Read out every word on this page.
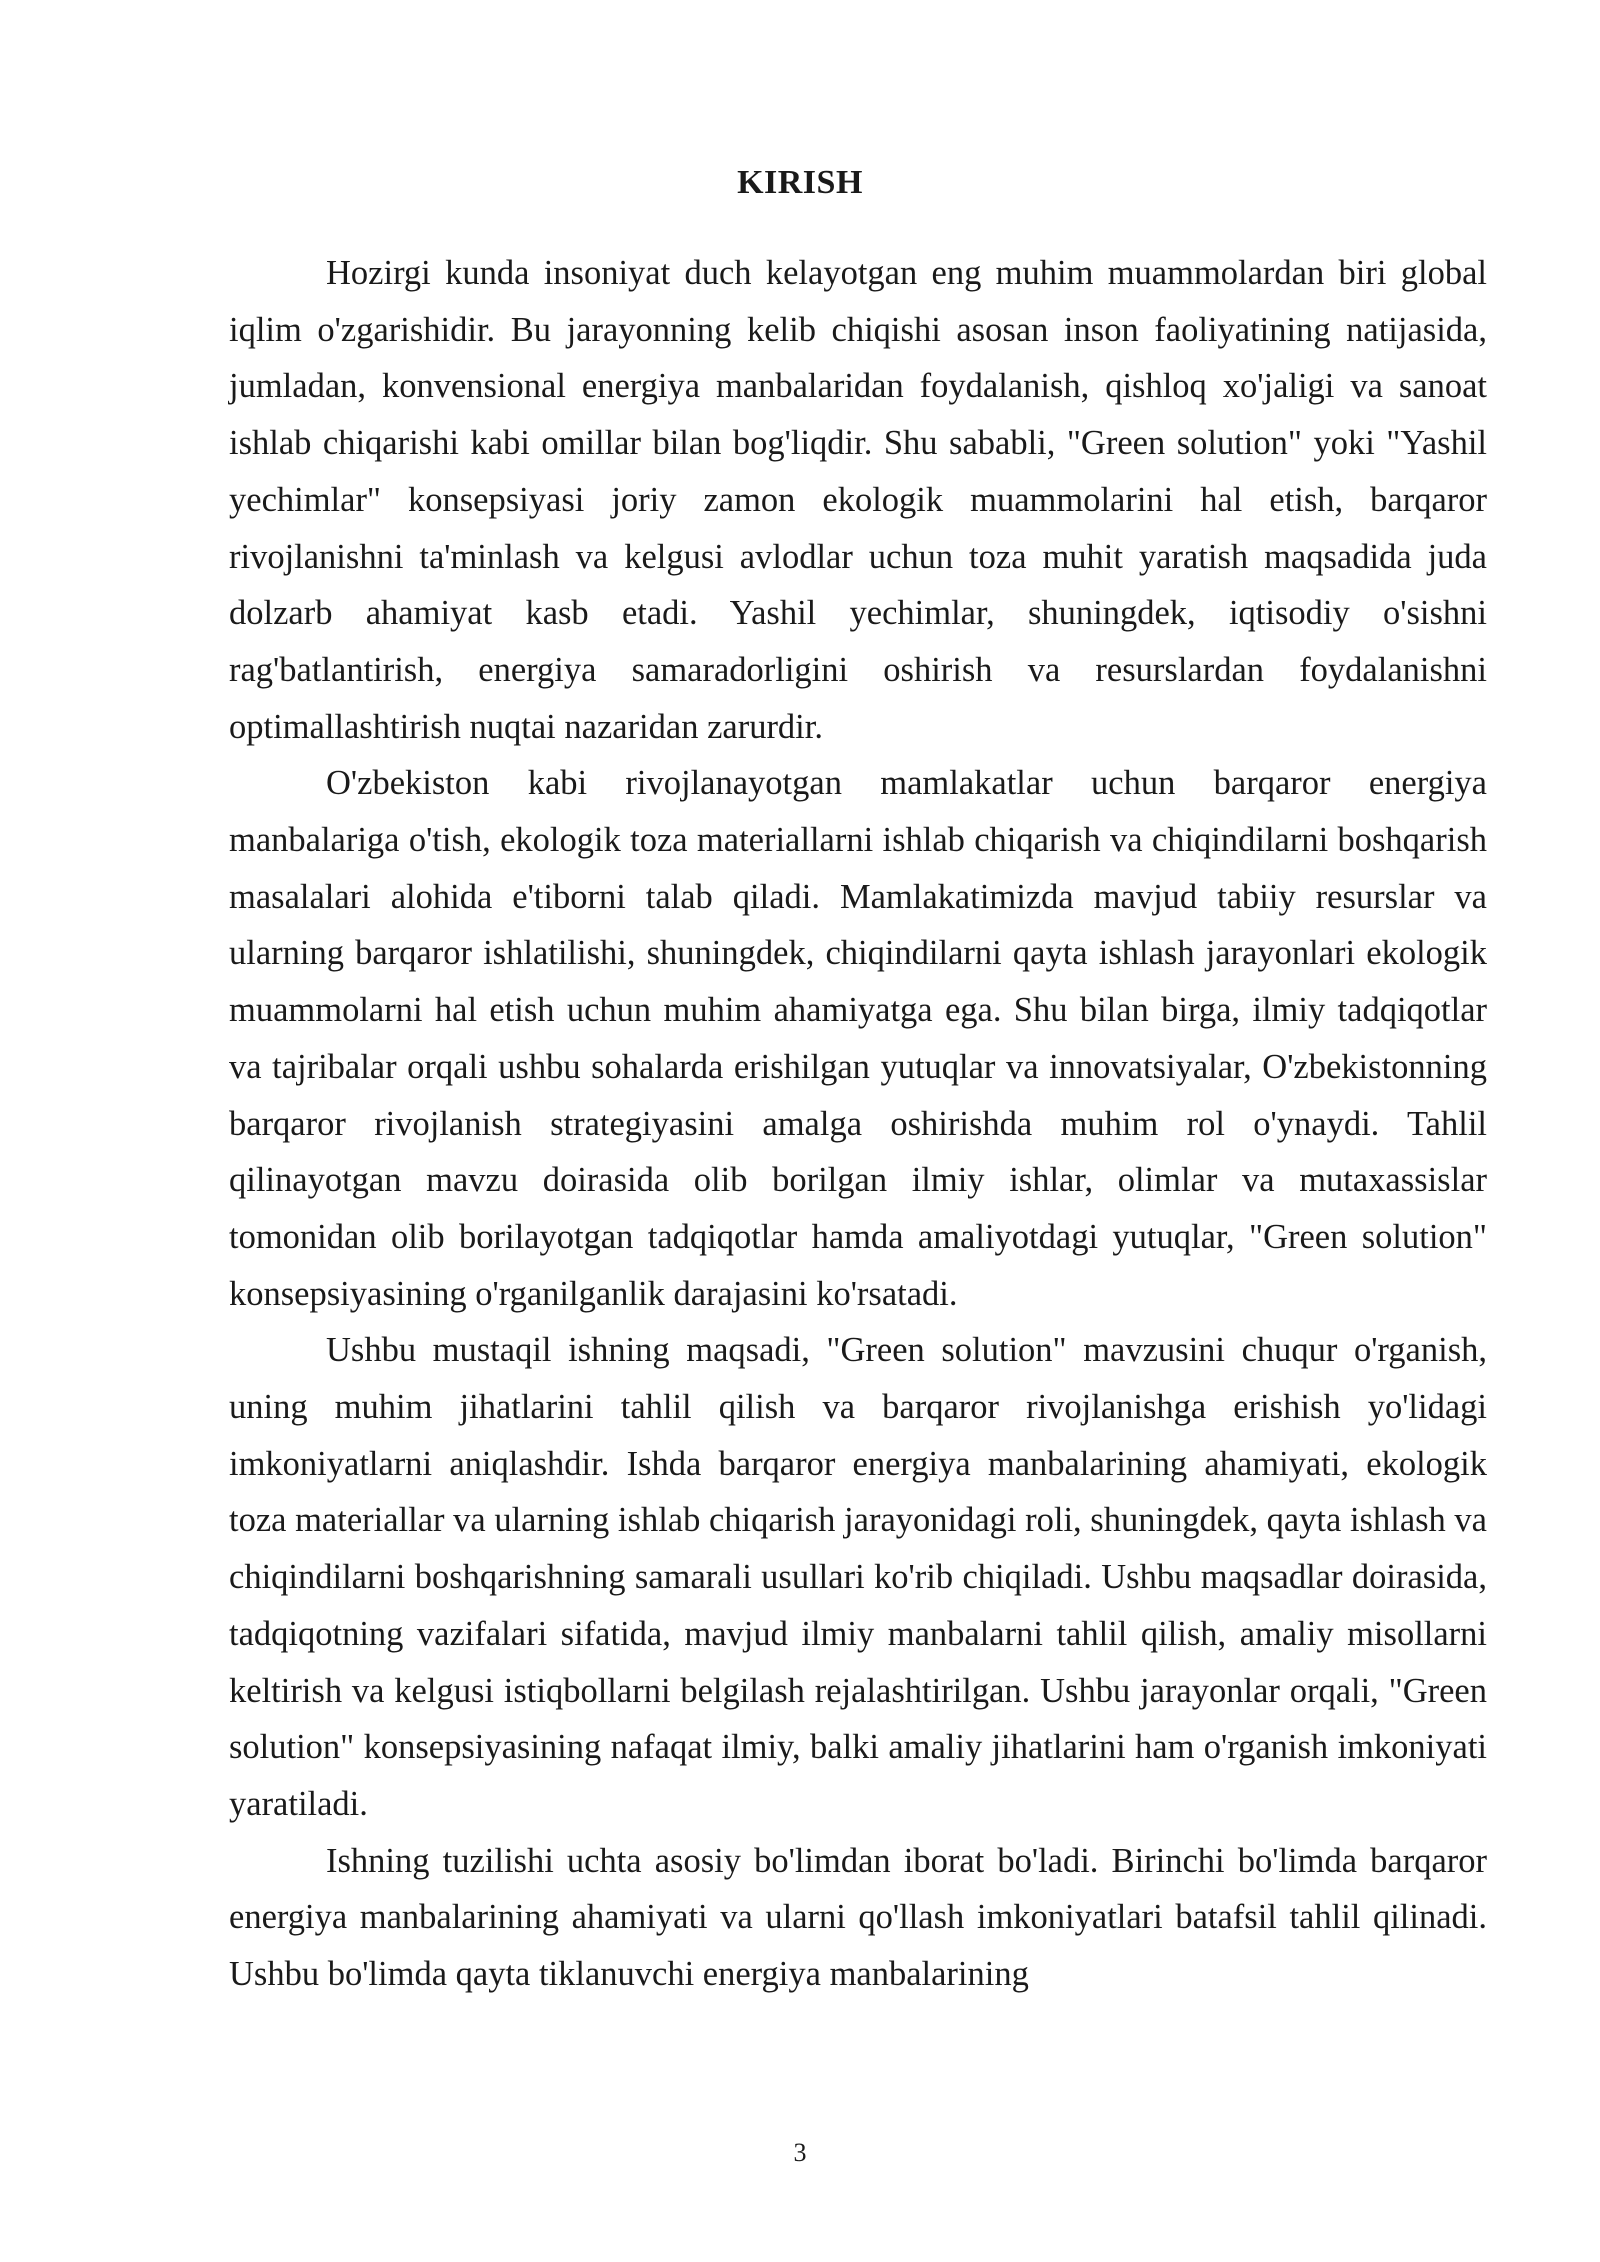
KIRISH

Hozirgi kunda insoniyat duch kelayotgan eng muhim muammolardan biri global iqlim o'zgarishidir. Bu jarayonning kelib chiqishi asosan inson faoliyatining natijasida, jumladan, konvensional energiya manbalaridan foydalanish, qishloq xo'jaligi va sanoat ishlab chiqarishi kabi omillar bilan bog'liqdir. Shu sababli, "Green solution" yoki "Yashil yechimlar" konsepsiyasi joriy zamon ekologik muammolarini hal etish, barqaror rivojlanishni ta'minlash va kelgusi avlodlar uchun toza muhit yaratish maqsadida juda dolzarb ahamiyat kasb etadi. Yashil yechimlar, shuningdek, iqtisodiy o'sishni rag'batlantirish, energiya samaradorligini oshirish va resurslardan foydalanishni optimallashtirish nuqtai nazaridan zarurdir.

O'zbekiston kabi rivojlanayotgan mamlakatlar uchun barqaror energiya manbalariga o'tish, ekologik toza materiallarni ishlab chiqarish va chiqindilarni boshqarish masalalari alohida e'tiborni talab qiladi. Mamlakatimizda mavjud tabiiy resurslar va ularning barqaror ishlatilishi, shuningdek, chiqindilarni qayta ishlash jarayonlari ekologik muammolarni hal etish uchun muhim ahamiyatga ega. Shu bilan birga, ilmiy tadqiqotlar va tajribalar orqali ushbu sohalarda erishilgan yutuqlar va innovatsiyalar, O'zbekistonning barqaror rivojlanish strategiyasini amalga oshirishda muhim rol o'ynaydi. Tahlil qilinayotgan mavzu doirasida olib borilgan ilmiy ishlar, olimlar va mutaxassislar tomonidan olib borilayotgan tadqiqotlar hamda amaliyotdagi yutuqlar, "Green solution" konsepsiyasining o'rganilganlik darajasini ko'rsatadi.

Ushbu mustaqil ishning maqsadi, "Green solution" mavzusini chuqur o'rganish, uning muhim jihatlarini tahlil qilish va barqaror rivojlanishga erishish yo'lidagi imkoniyatlarni aniqlashdir. Ishda barqaror energiya manbalarining ahamiyati, ekologik toza materiallar va ularning ishlab chiqarish jarayonidagi roli, shuningdek, qayta ishlash va chiqindilarni boshqarishning samarali usullari ko'rib chiqiladi. Ushbu maqsadlar doirasida, tadqiqotning vazifalari sifatida, mavjud ilmiy manbalarni tahlil qilish, amaliy misollarni keltirish va kelgusi istiqbollarni belgilash rejalashtirilgan. Ushbu jarayonlar orqali, "Green solution" konsepsiyasining nafaqat ilmiy, balki amaliy jihatlarini ham o'rganish imkoniyati yaratiladi.

Ishning tuzilishi uchta asosiy bo'limdan iborat bo'ladi. Birinchi bo'limda barqaror energiya manbalarining ahamiyati va ularni qo'llash imkoniyatlari batafsil tahlil qilinadi. Ushbu bo'limda qayta tiklanuvchi energiya manbalarining

3
